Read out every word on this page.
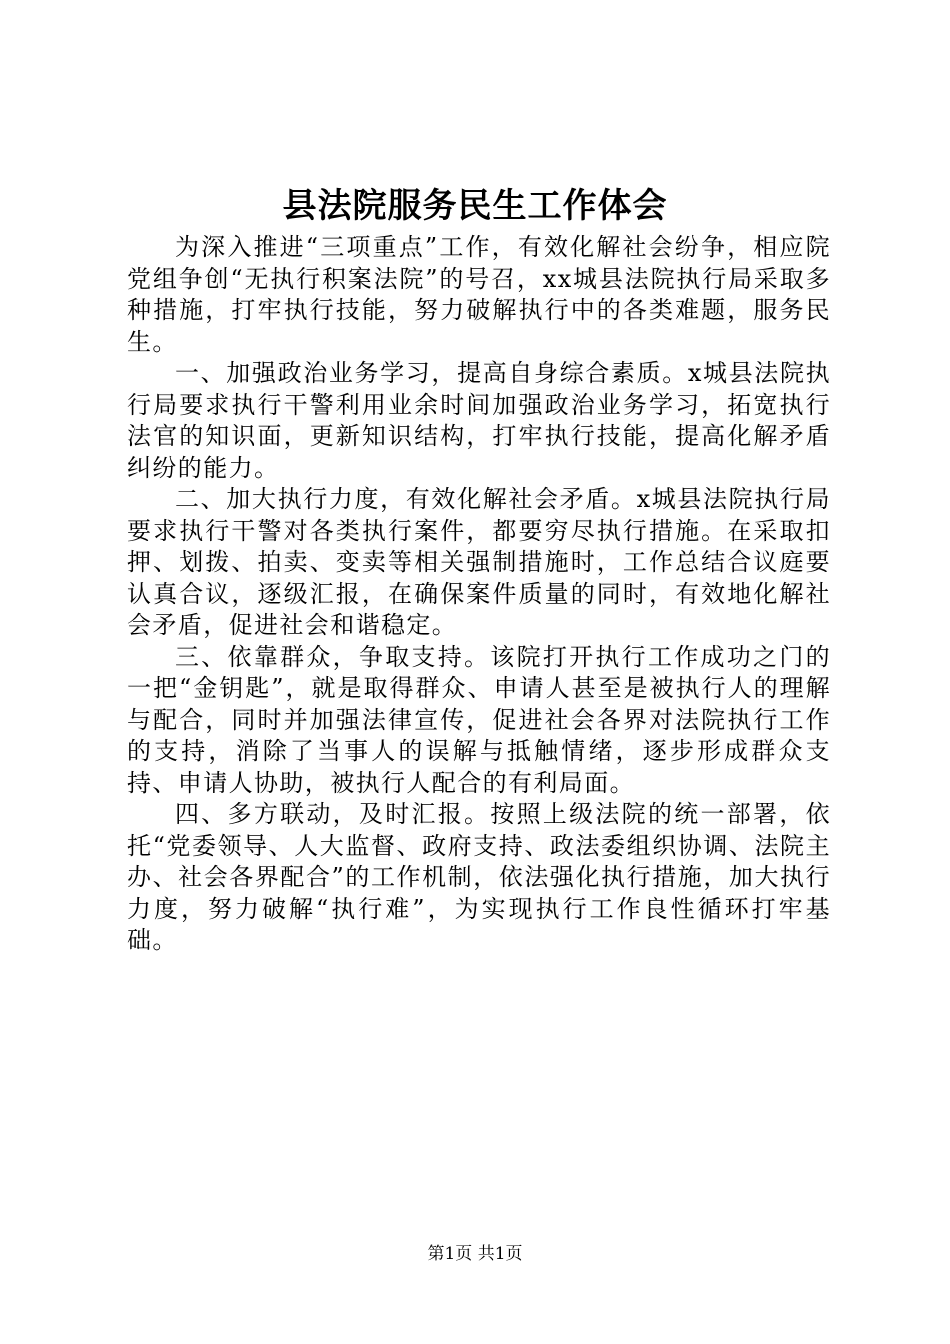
县法院服务民生工作体会

为深入推进“三项重点”工作，有效化解社会纷争，相应院党组争创“无执行积案法院”的号召，xx城县法院执行局采取多种措施，打牢执行技能，努力破解执行中的各类难题，服务民生。

一、加强政治业务学习，提高自身综合素质。x城县法院执行局要求执行干警利用业余时间加强政治业务学习，拓宽执行法官的知识面，更新知识结构，打牢执行技能，提高化解矛盾纠纷的能力。

二、加大执行力度，有效化解社会矛盾。x城县法院执行局要求执行干警对各类执行案件，都要穷尽执行措施。在采取扣押、划拨、拍卖、变卖等相关强制措施时，工作总结合议庭要认真合议，逐级汇报，在确保案件质量的同时，有效地化解社会矛盾，促进社会和谐稳定。

三、依靠群众，争取支持。该院打开执行工作成功之门的一把“金钥匙”，就是取得群众、申请人甚至是被执行人的理解与配合，同时并加强法律宣传，促进社会各界对法院执行工作的支持，消除了当事人的误解与抵触情绪，逐步形成群众支持、申请人协助，被执行人配合的有利局面。

四、多方联动，及时汇报。按照上级法院的统一部署，依托“党委领导、人大监督、政府支持、政法委组织协调、法院主办、社会各界配合”的工作机制，依法强化执行措施，加大执行力度，努力破解“执行难”，为实现执行工作良性循环打牢基础。

第1页 共1页
